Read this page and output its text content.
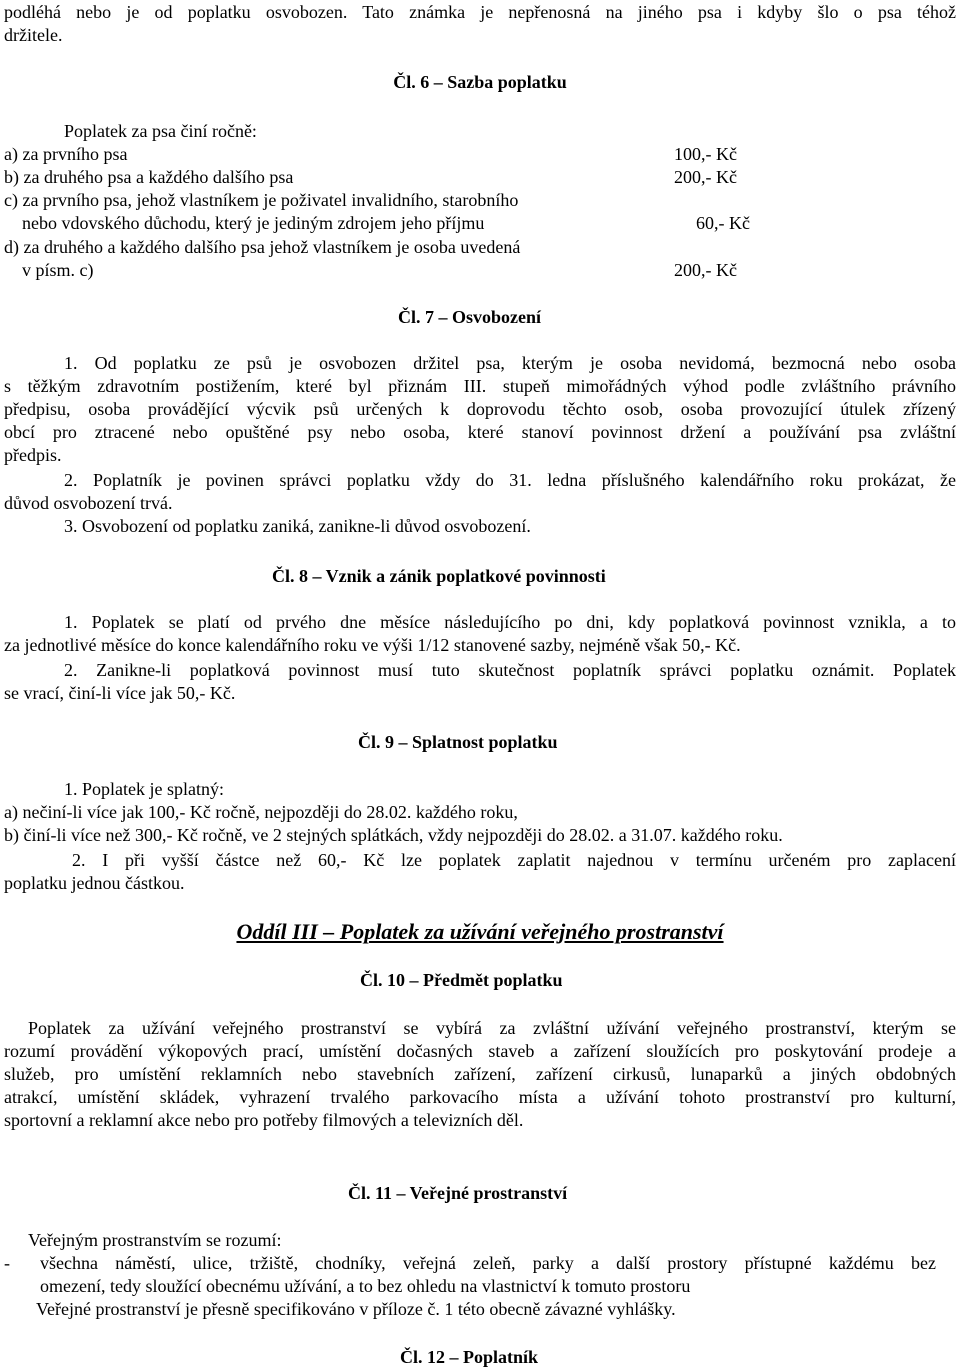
podléhá nebo je od poplatku osvobozen. Tato známka je nepřenosná na jiného psa i kdyby šlo o psa téhož
držitele.
Čl. 6 – Sazba poplatku
Poplatek za psa činí ročně:
a) za prvního psa	100,- Kč
b) za druhého psa a každého dalšího psa	200,- Kč
c) za prvního psa, jehož vlastníkem je poživatel invalidního, starobního
nebo vdovského důchodu, který je jediným zdrojem jeho příjmu	60,- Kč
d) za druhého a každého dalšího psa jehož vlastníkem je osoba uvedená
v písm. c)	200,- Kč
Čl. 7 – Osvobození
1. Od poplatku ze psů je osvobozen držitel psa, kterým je osoba nevidomá, bezmocná nebo osoba
s těžkým zdravotním postižením, které byl přiznám III. stupeň mimořádných výhod podle zvláštního právního
předpisu, osoba provádějící výcvik psů určených k doprovodu těchto osob, osoba provozující útulek zřízený
obcí pro ztracené nebo opuštěné psy nebo osoba, které stanoví povinnost držení a používání psa zvláštní
předpis.
2. Poplatník je povinen správci poplatku vždy do 31. ledna příslušného kalendářního roku prokázat, že
důvod osvobození trvá.
3. Osvobození od poplatku zaniká, zanikne-li důvod osvobození.
Čl. 8 – Vznik a zánik poplatkové povinnosti
1. Poplatek se platí od prvého dne měsíce následujícího po dni, kdy poplatková povinnost vznikla, a to
za jednotlivé měsíce do konce kalendářního roku ve výši 1/12 stanovené sazby, nejméně však 50,- Kč.
2. Zanikne-li poplatková povinnost musí tuto skutečnost poplatník správci poplatku oznámit. Poplatek
se vrací, činí-li více jak 50,- Kč.
Čl. 9 – Splatnost poplatku
1. Poplatek je splatný:
a) nečiní-li více jak 100,- Kč ročně, nejpozději do 28.02. každého roku,
b) činí-li více než 300,- Kč ročně, ve 2 stejných splátkách, vždy nejpozději do 28.02. a 31.07. každého roku.
2. I při vyšší částce než 60,- Kč lze poplatek zaplatit najednou v termínu určeném pro zaplacení
poplatku jednou částkou.
Oddíl III – Poplatek za užívání veřejného prostranství
Čl. 10 – Předmět poplatku
Poplatek za užívání veřejného prostranství se vybírá za zvláštní užívání veřejného prostranství, kterým se
rozumí provádění výkopových prací, umístění dočasných staveb a zařízení sloužících pro poskytování prodeje a
služeb, pro umístění reklamních nebo stavebních zařízení, zařízení cirkusů, lunaparků a jiných obdobných
atrakcí, umístění skládek, vyhrazení trvalého parkovacího místa a užívání tohoto prostranství pro kulturní,
sportovní a reklamní akce nebo pro potřeby filmových a televizních děl.
Čl. 11 – Veřejné prostranství
Veřejným prostranstvím se rozumí:
- všechna náměstí, ulice, tržiště, chodníky, veřejná zeleň, parky a další prostory přístupné každému bez
omezení, tedy sloužící obecnému užívání, a to bez ohledu na vlastnictví k tomuto prostoru
Veřejné prostranství je přesně specifikováno v příloze č. 1 této obecně závazné vyhlášky.
Čl. 12 – Poplatník
